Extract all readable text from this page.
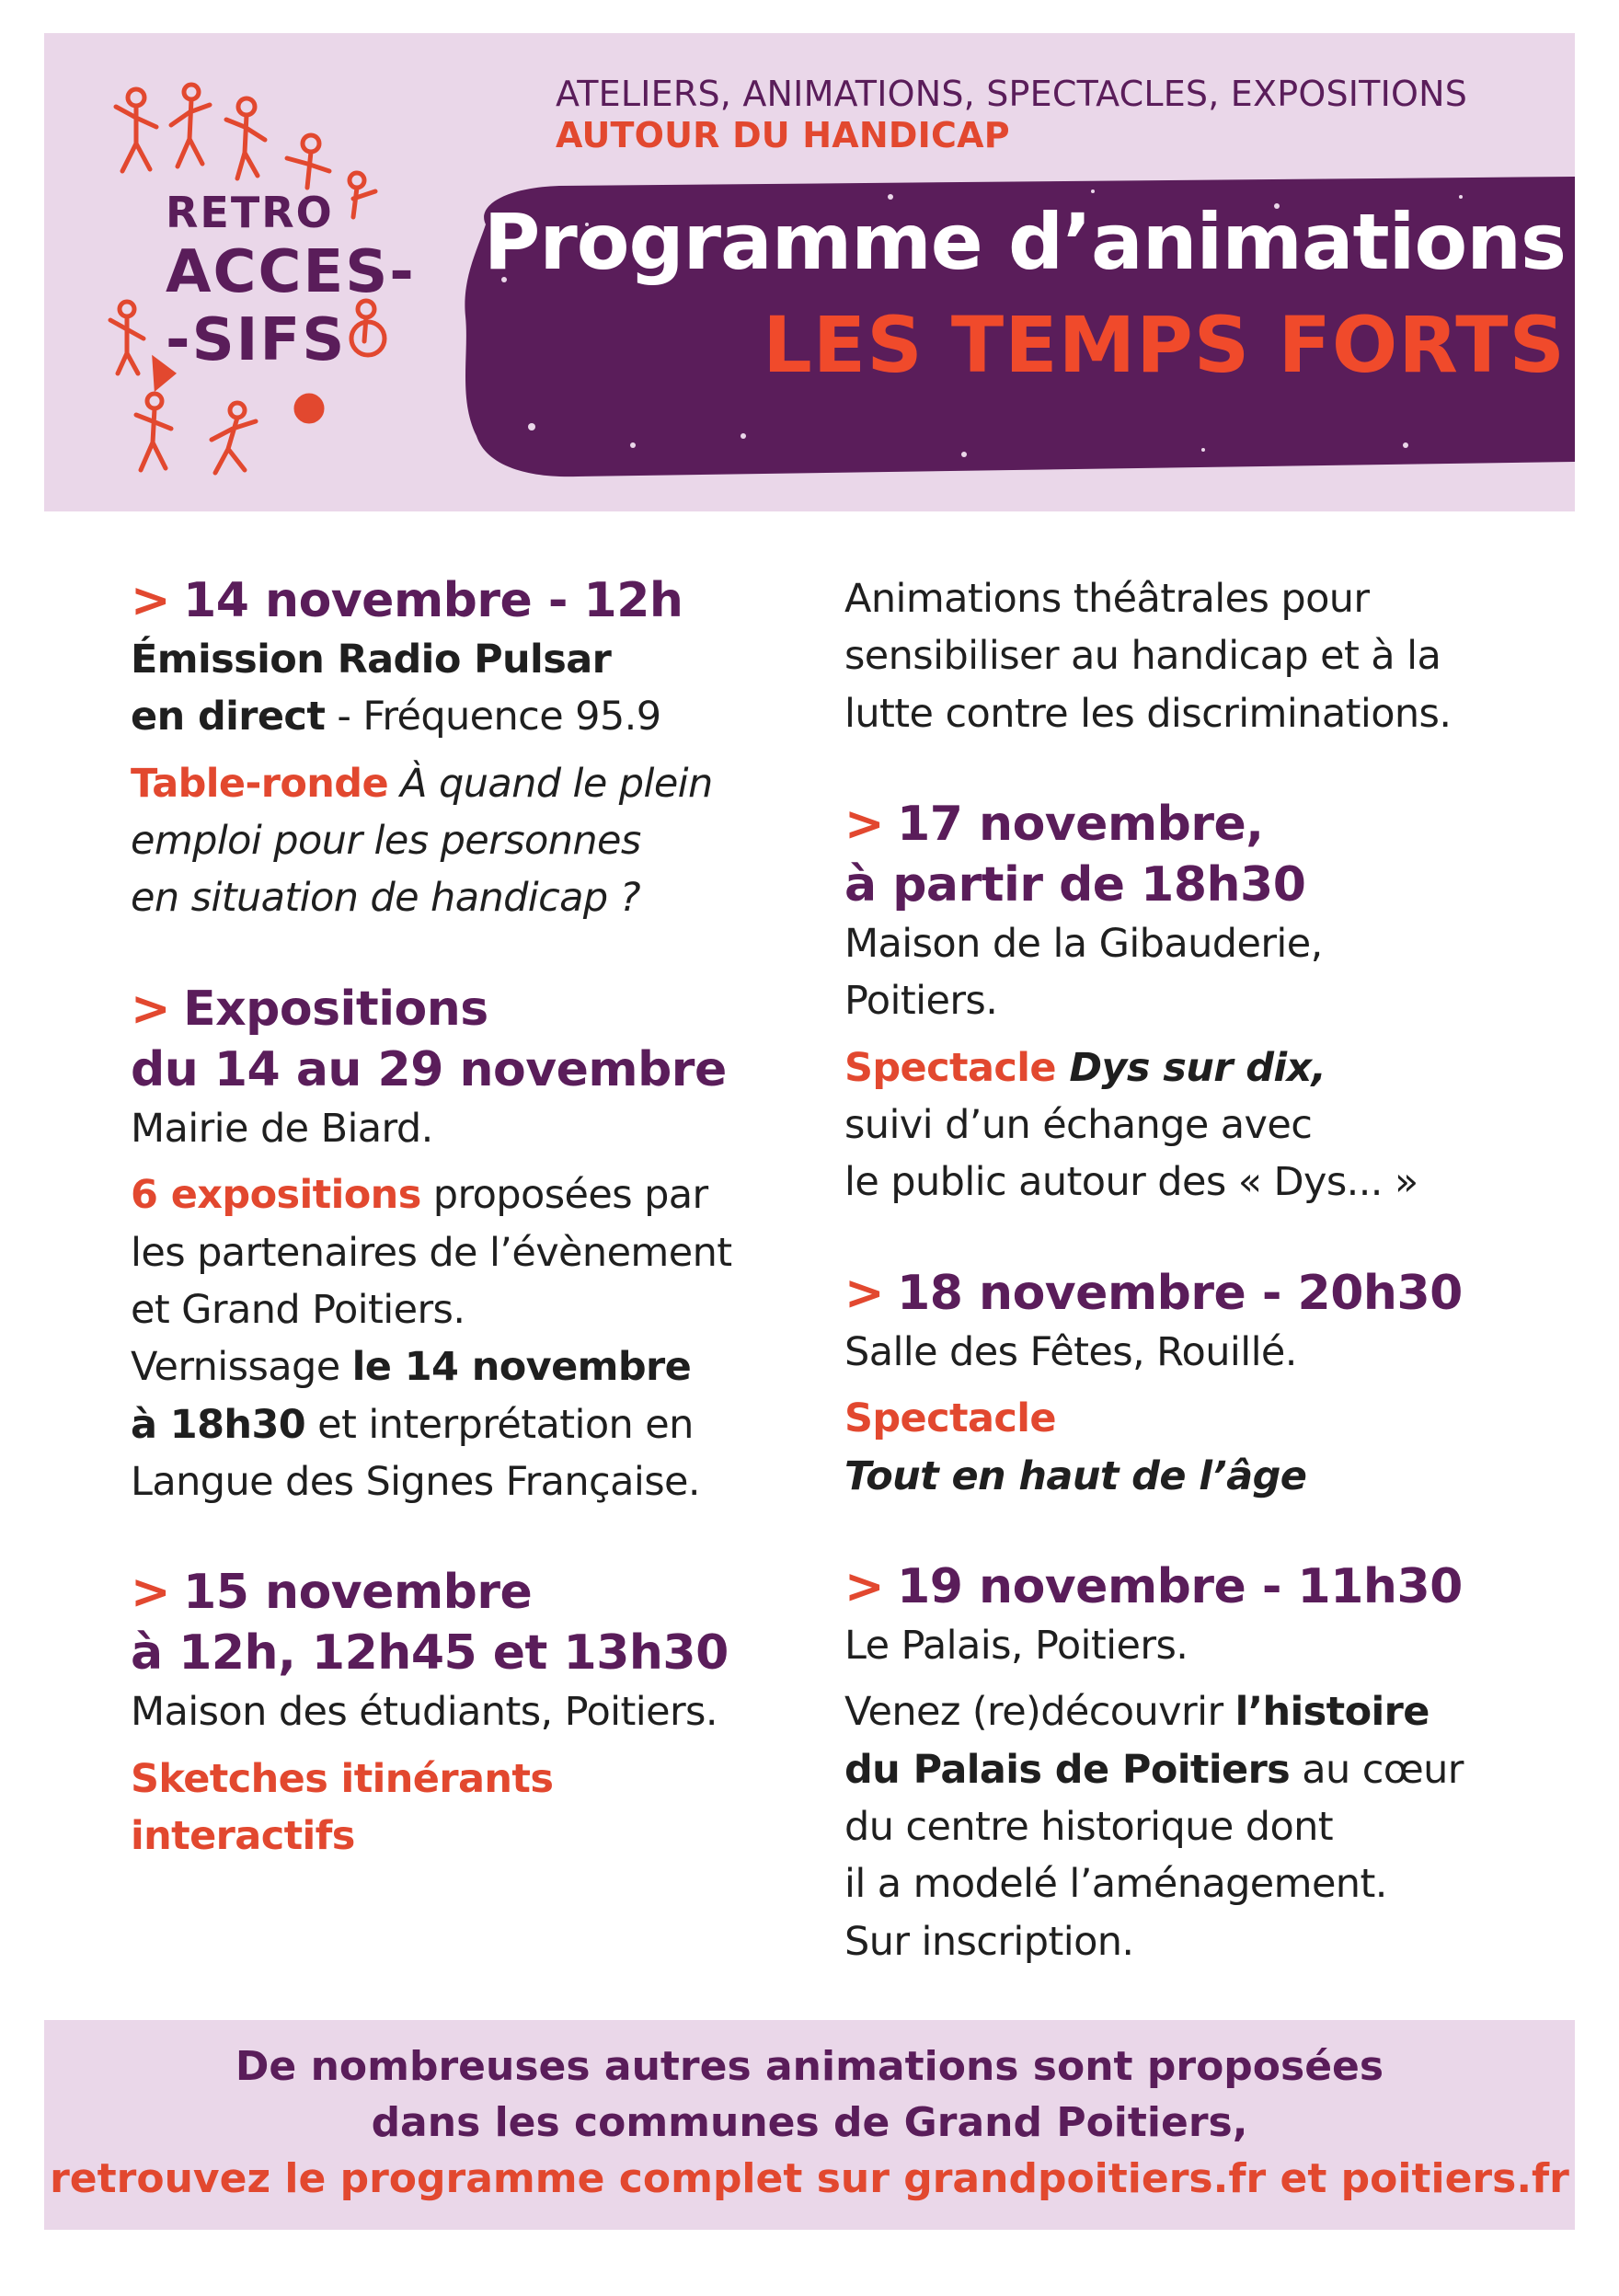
RETRO
ACCES-
-SIFS
ATELIERS, ANIMATIONS, SPECTACLES, EXPOSITIONS
AUTOUR DU HANDICAP
Programme d’animations
LES TEMPS FORTS
> 14 novembre - 12h
Émission Radio Pulsar
en direct - Fréquence 95.9
Table-ronde À quand le plein
emploi pour les personnes
en situation de handicap ?
> Expositions
du 14 au 29 novembre
Mairie de Biard.
6 expositions proposées par
les partenaires de l’évènement
et Grand Poitiers.
Vernissage le 14 novembre
à 18h30 et interprétation en
Langue des Signes Française.
> 15 novembre
à 12h, 12h45 et 13h30
Maison des étudiants, Poitiers.
Sketches itinérants
interactifs
Animations théâtrales pour
sensibiliser au handicap et à la
lutte contre les discriminations.
> 17 novembre,
à partir de 18h30
Maison de la Gibauderie,
Poitiers.
Spectacle Dys sur dix,
suivi d’un échange avec
le public autour des « Dys... »
> 18 novembre - 20h30
Salle des Fêtes, Rouillé.
Spectacle
Tout en haut de l’âge
> 19 novembre - 11h30
Le Palais, Poitiers.
Venez (re)découvrir l’histoire
du Palais de Poitiers au cœur
du centre historique dont
il a modelé l’aménagement.
Sur inscription.
De nombreuses autres animations sont proposées
dans les communes de Grand Poitiers,
retrouvez le programme complet sur grandpoitiers.fr et poitiers.fr
